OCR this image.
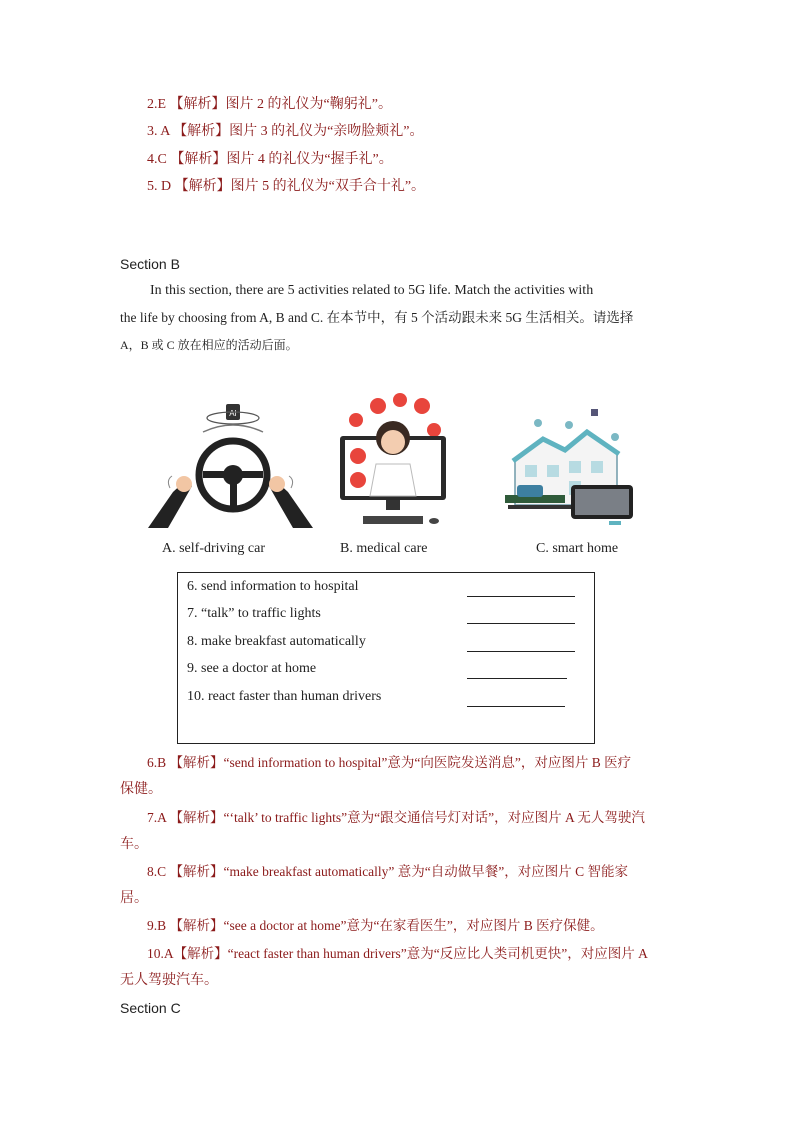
2.E 【解析】图片 2 的礼仪为“鞠躬礼”。
3. A 【解析】图片 3 的礼仪为“亲吻脸颊礼”。
4.C 【解析】图片 4 的礼仪为“握手礼”。
5. D 【解析】图片 5 的礼仪为“双手合十礼”。
Section B
In this section, there are 5 activities related to 5G life. Match the activities with
the life by choosing from A, B and C. 在本节中，有 5 个活动跟未来 5G 生活相关。请选择
A，B 或 C 放在相应的活动后面。
AI
A. self-driving car	B. medical care	C. smart home
6. send information to hospital
7. “talk” to traffic lights
8. make breakfast automatically
9. see a doctor at home
10. react faster than human drivers
6.B 【解析】“send information to hospital”意为“向医院发送消息”，对应图片 B 医疗
保健。
7.A 【解析】“‘talk’ to traffic lights”意为“跟交通信号灯对话”，对应图片 A 无人驾驶汽
车。
8.C 【解析】“make breakfast automatically” 意为“自动做早餐”，对应图片 C 智能家
居。
9.B 【解析】“see a doctor at home”意为“在家看医生”，对应图片 B 医疗保健。
10.A【解析】“react faster than human drivers”意为“反应比人类司机更快”，对应图片 A
无人驾驶汽车。
Section C
